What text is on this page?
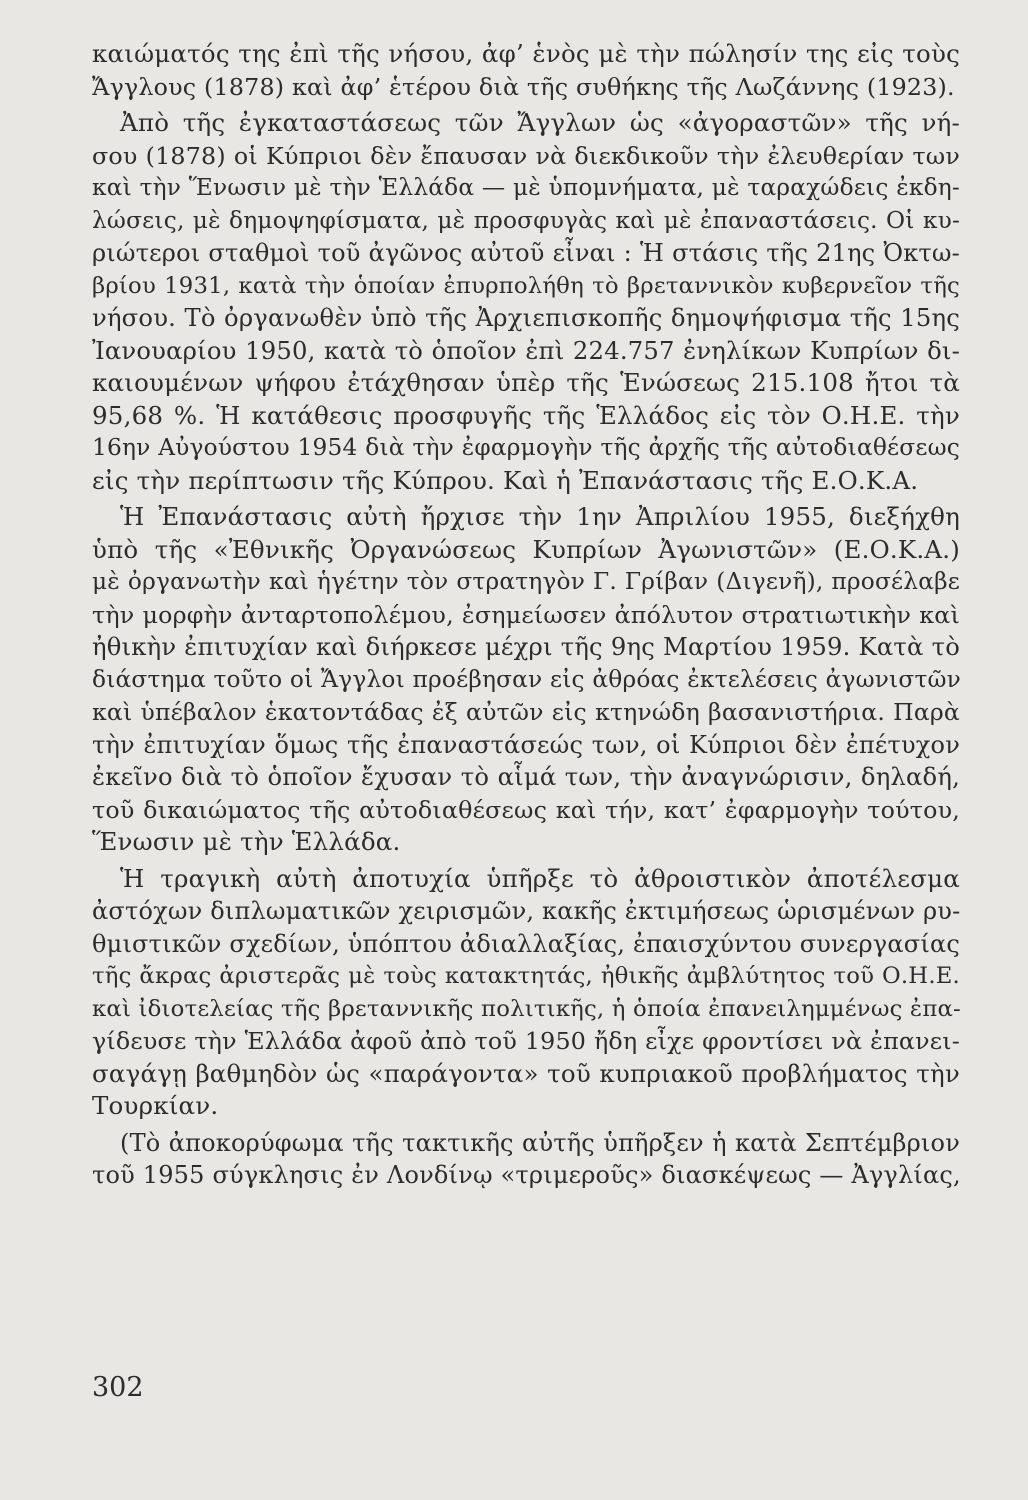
καιώματός της ἐπὶ τῆς νήσου, ἀφ’ ἑνὸς μὲ τὴν πώλησίν της εἰς τοὺς
Ἄγγλους (1878) καὶ ἀφ’ ἑτέρου διὰ τῆς συθήκης τῆς Λωζάννης (1923).

Ἀπὸ τῆς ἐγκαταστάσεως τῶν Ἄγγλων ὡς «ἀγοραστῶν» τῆς νή-
σου (1878) οἱ Κύπριοι δὲν ἔπαυσαν νὰ διεκδικοῦν τὴν ἐλευθερίαν των
καὶ τὴν Ἕνωσιν μὲ τὴν Ἑλλάδα — μὲ ὑπομνήματα, μὲ ταραχώδεις ἐκδη-
λώσεις, μὲ δημοψηφίσματα, μὲ προσφυγὰς καὶ μὲ ἐπαναστάσεις. Οἱ κυ-
ριώτεροι σταθμοὶ τοῦ ἀγῶνος αὐτοῦ εἶναι : Ἡ στάσις τῆς 21ης Ὀκτω-
βρίου 1931, κατὰ τὴν ὁποίαν ἐπυρπολήθη τὸ βρεταννικὸν κυβερνεῖον τῆς
νήσου. Τὸ ὀργανωθὲν ὑπὸ τῆς Ἀρχιεπισκοπῆς δημοψήφισμα τῆς 15ης
Ἰανουαρίου 1950, κατὰ τὸ ὁποῖον ἐπὶ 224.757 ἐνηλίκων Κυπρίων δι-
καιουμένων ψήφου ἐτάχθησαν ὑπὲρ τῆς Ἑνώσεως 215.108 ἤτοι τὰ
95,68 %. Ἡ κατάθεσις προσφυγῆς τῆς Ἑλλάδος εἰς τὸν Ο.Η.Ε. τὴν
16ην Αὐγούστου 1954 διὰ τὴν ἐφαρμογὴν τῆς ἀρχῆς τῆς αὐτοδιαθέσεως
εἰς τὴν περίπτωσιν τῆς Κύπρου. Καὶ ἡ Ἐπανάστασις τῆς Ε.Ο.Κ.Α.

Ἡ Ἐπανάστασις αὐτὴ ἤρχισε τὴν 1ην Ἀπριλίου 1955, διεξήχθη
ὑπὸ τῆς «Ἐθνικῆς Ὀργανώσεως Κυπρίων Ἀγωνιστῶν» (Ε.Ο.Κ.Α.)
μὲ ὀργανωτὴν καὶ ἡγέτην τὸν στρατηγὸν Γ. Γρίβαν (Διγενῆ), προσέλαβε
τὴν μορφὴν ἀνταρτοπολέμου, ἐσημείωσεν ἀπόλυτον στρατιωτικὴν καὶ
ἠθικὴν ἐπιτυχίαν καὶ διήρκεσε μέχρι τῆς 9ης Μαρτίου 1959. Κατὰ τὸ
διάστημα τοῦτο οἱ Ἄγγλοι προέβησαν εἰς ἀθρόας ἐκτελέσεις ἀγωνιστῶν
καὶ ὑπέβαλον ἑκατοντάδας ἐξ αὐτῶν εἰς κτηνώδη βασανιστήρια. Παρὰ
τὴν ἐπιτυχίαν ὅμως τῆς ἐπαναστάσεώς των, οἱ Κύπριοι δὲν ἐπέτυχον
ἐκεῖνο διὰ τὸ ὁποῖον ἔχυσαν τὸ αἷμά των, τὴν ἀναγνώρισιν, δηλαδή,
τοῦ δικαιώματος τῆς αὐτοδιαθέσεως καὶ τήν, κατ’ ἐφαρμογὴν τούτου,
Ἕνωσιν μὲ τὴν Ἑλλάδα.

Ἡ τραγικὴ αὐτὴ ἀποτυχία ὑπῆρξε τὸ ἀθροιστικὸν ἀποτέλεσμα
ἀστόχων διπλωματικῶν χειρισμῶν, κακῆς ἐκτιμήσεως ὡρισμένων ρυ-
θμιστικῶν σχεδίων, ὑπόπτου ἀδιαλλαξίας, ἐπαισχύντου συνεργασίας
τῆς ἄκρας ἀριστερᾶς μὲ τοὺς κατακτητάς, ἠθικῆς ἀμβλύτητος τοῦ Ο.Η.Ε.
καὶ ἰδιοτελείας τῆς βρεταννικῆς πολιτικῆς, ἡ ὁποία ἐπανειλημμένως ἐπα-
γίδευσε τὴν Ἑλλάδα ἀφοῦ ἀπὸ τοῦ 1950 ἤδη εἶχε φροντίσει νὰ ἐπανει-
σαγάγῃ βαθμηδὸν ὡς «παράγοντα» τοῦ κυπριακοῦ προβλήματος τὴν
Τουρκίαν.

(Τὸ ἀποκορύφωμα τῆς τακτικῆς αὐτῆς ὑπῆρξεν ἡ κατὰ Σεπτέμβριον
τοῦ 1955 σύγκλησις ἐν Λονδίνῳ «τριμεροῦς» διασκέψεως — Ἀγγλίας,

302
